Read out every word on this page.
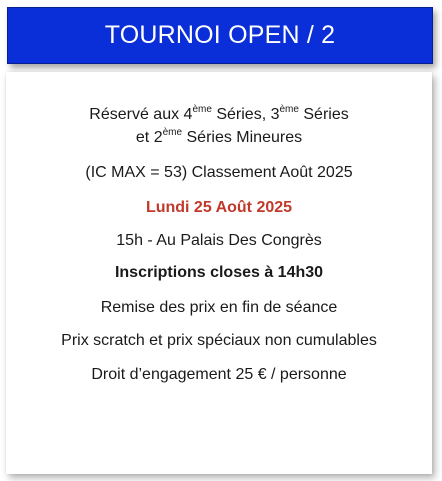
TOURNOI OPEN / 2
Réservé aux 4ème Séries, 3ème Séries
et 2ème Séries Mineures
(IC MAX = 53) Classement Août 2025
Lundi 25 Août 2025
15h - Au Palais Des Congrès
Inscriptions closes à 14h30
Remise des prix en fin de séance
Prix scratch et prix spéciaux non cumulables
Droit d’engagement 25 € / personne
